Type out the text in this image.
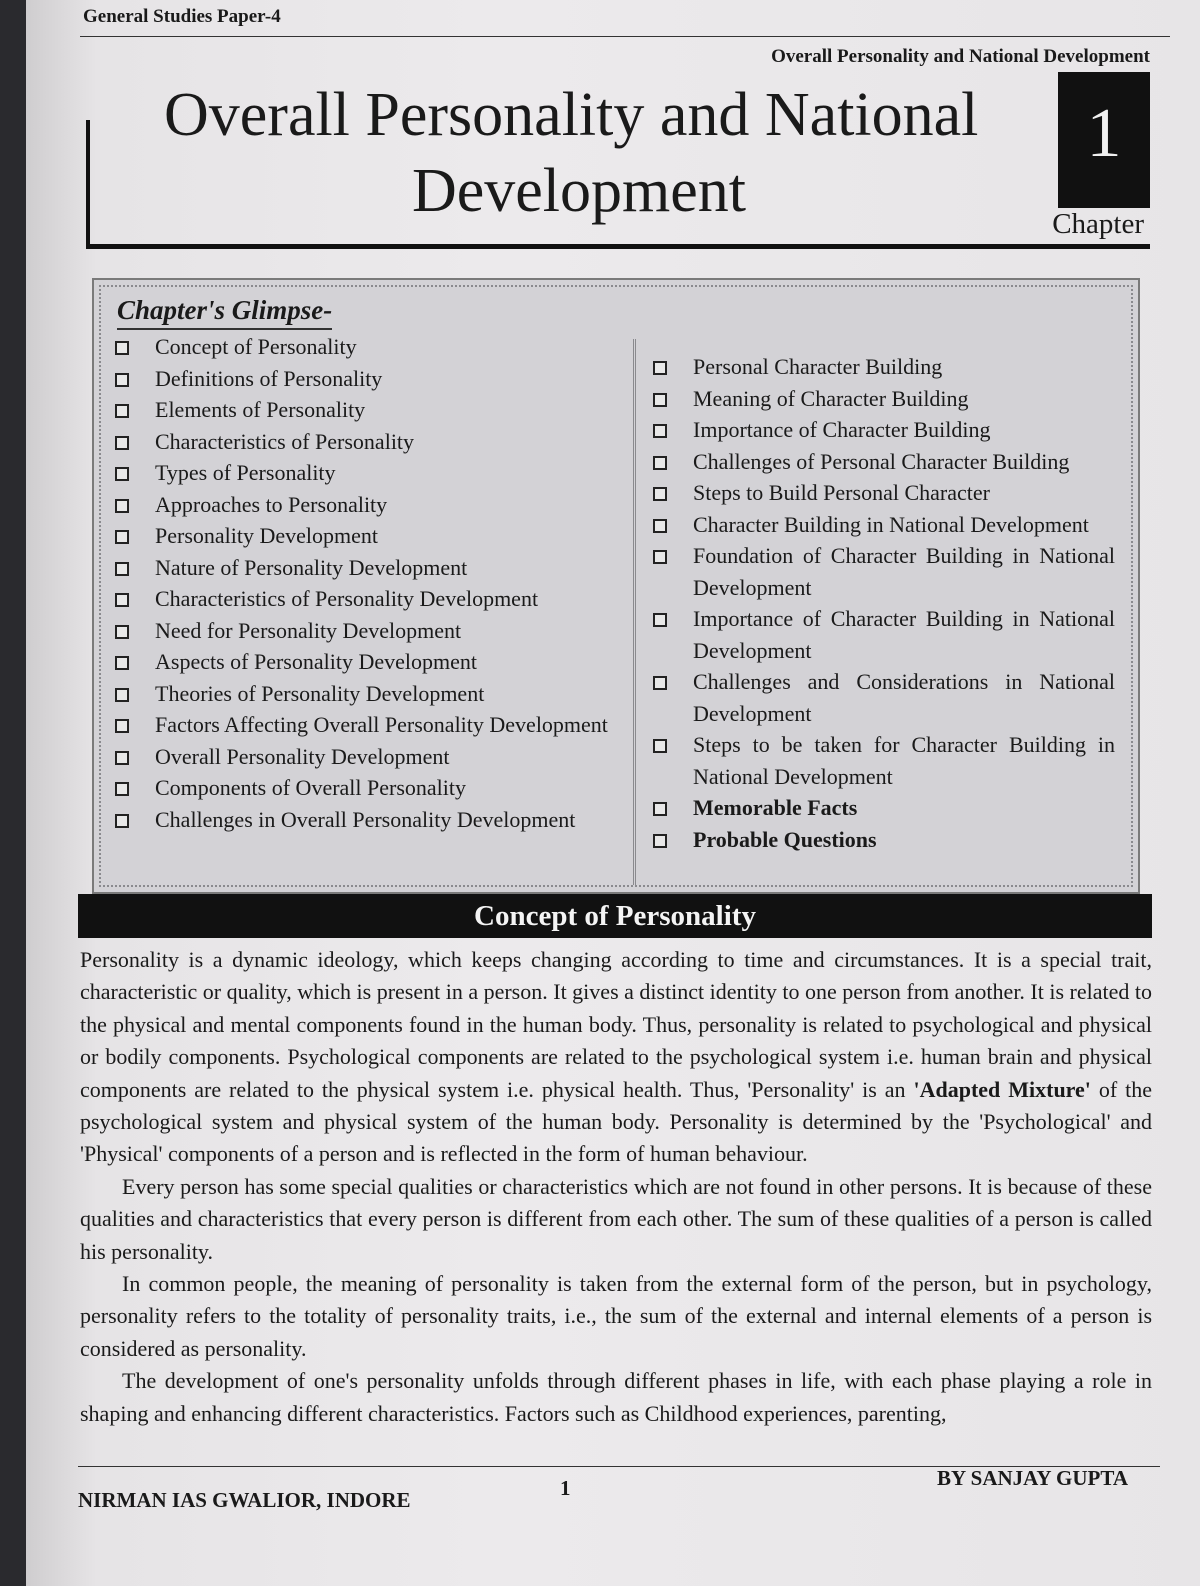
General Studies Paper-4
Overall Personality and National Development
Overall Personality and National
Development
1
Chapter
Chapter's Glimpse-
Concept of Personality
Definitions of Personality
Elements of Personality
Characteristics of Personality
Types of Personality
Approaches to Personality
Personality Development
Nature of Personality Development
Characteristics of Personality Development
Need for Personality Development
Aspects of Personality Development
Theories of Personality Development
Factors Affecting Overall Personality Development
Overall Personality Development
Components of Overall Personality
Challenges in Overall Personality Development
Personal Character Building
Meaning of Character Building
Importance of Character Building
Challenges of Personal Character Building
Steps to Build Personal Character
Character Building in National Development
Foundation of Character Building in National Development
Importance of Character Building in National Development
Challenges and Considerations in National Development
Steps to be taken for Character Building in National Development
Memorable Facts
Probable Questions
Concept of Personality

Personality is a dynamic ideology, which keeps changing according to time and circumstances. It is a special trait, characteristic or quality, which is present in a person. It gives a distinct identity to one person from another. It is related to the physical and mental components found in the human body. Thus, personality is related to psychological and physical or bodily components. Psychological components are related to the psychological system i.e. human brain and physical components are related to the physical system i.e. physical health. Thus, 'Personality' is an 'Adapted Mixture' of the psychological system and physical system of the human body. Personality is determined by the 'Psychological' and 'Physical' components of a person and is reflected in the form of human behaviour.

Every person has some special qualities or characteristics which are not found in other persons. It is because of these qualities and characteristics that every person is different from each other. The sum of these qualities of a person is called his personality.

In common people, the meaning of personality is taken from the external form of the person, but in psychology, personality refers to the totality of personality traits, i.e., the sum of the external and internal elements of a person is considered as personality.

The development of one's personality unfolds through different phases in life, with each phase playing a role in shaping and enhancing different characteristics. Factors such as Childhood experiences, parenting,

BY SANJAY GUPTA
1
NIRMAN IAS GWALIOR, INDORE
